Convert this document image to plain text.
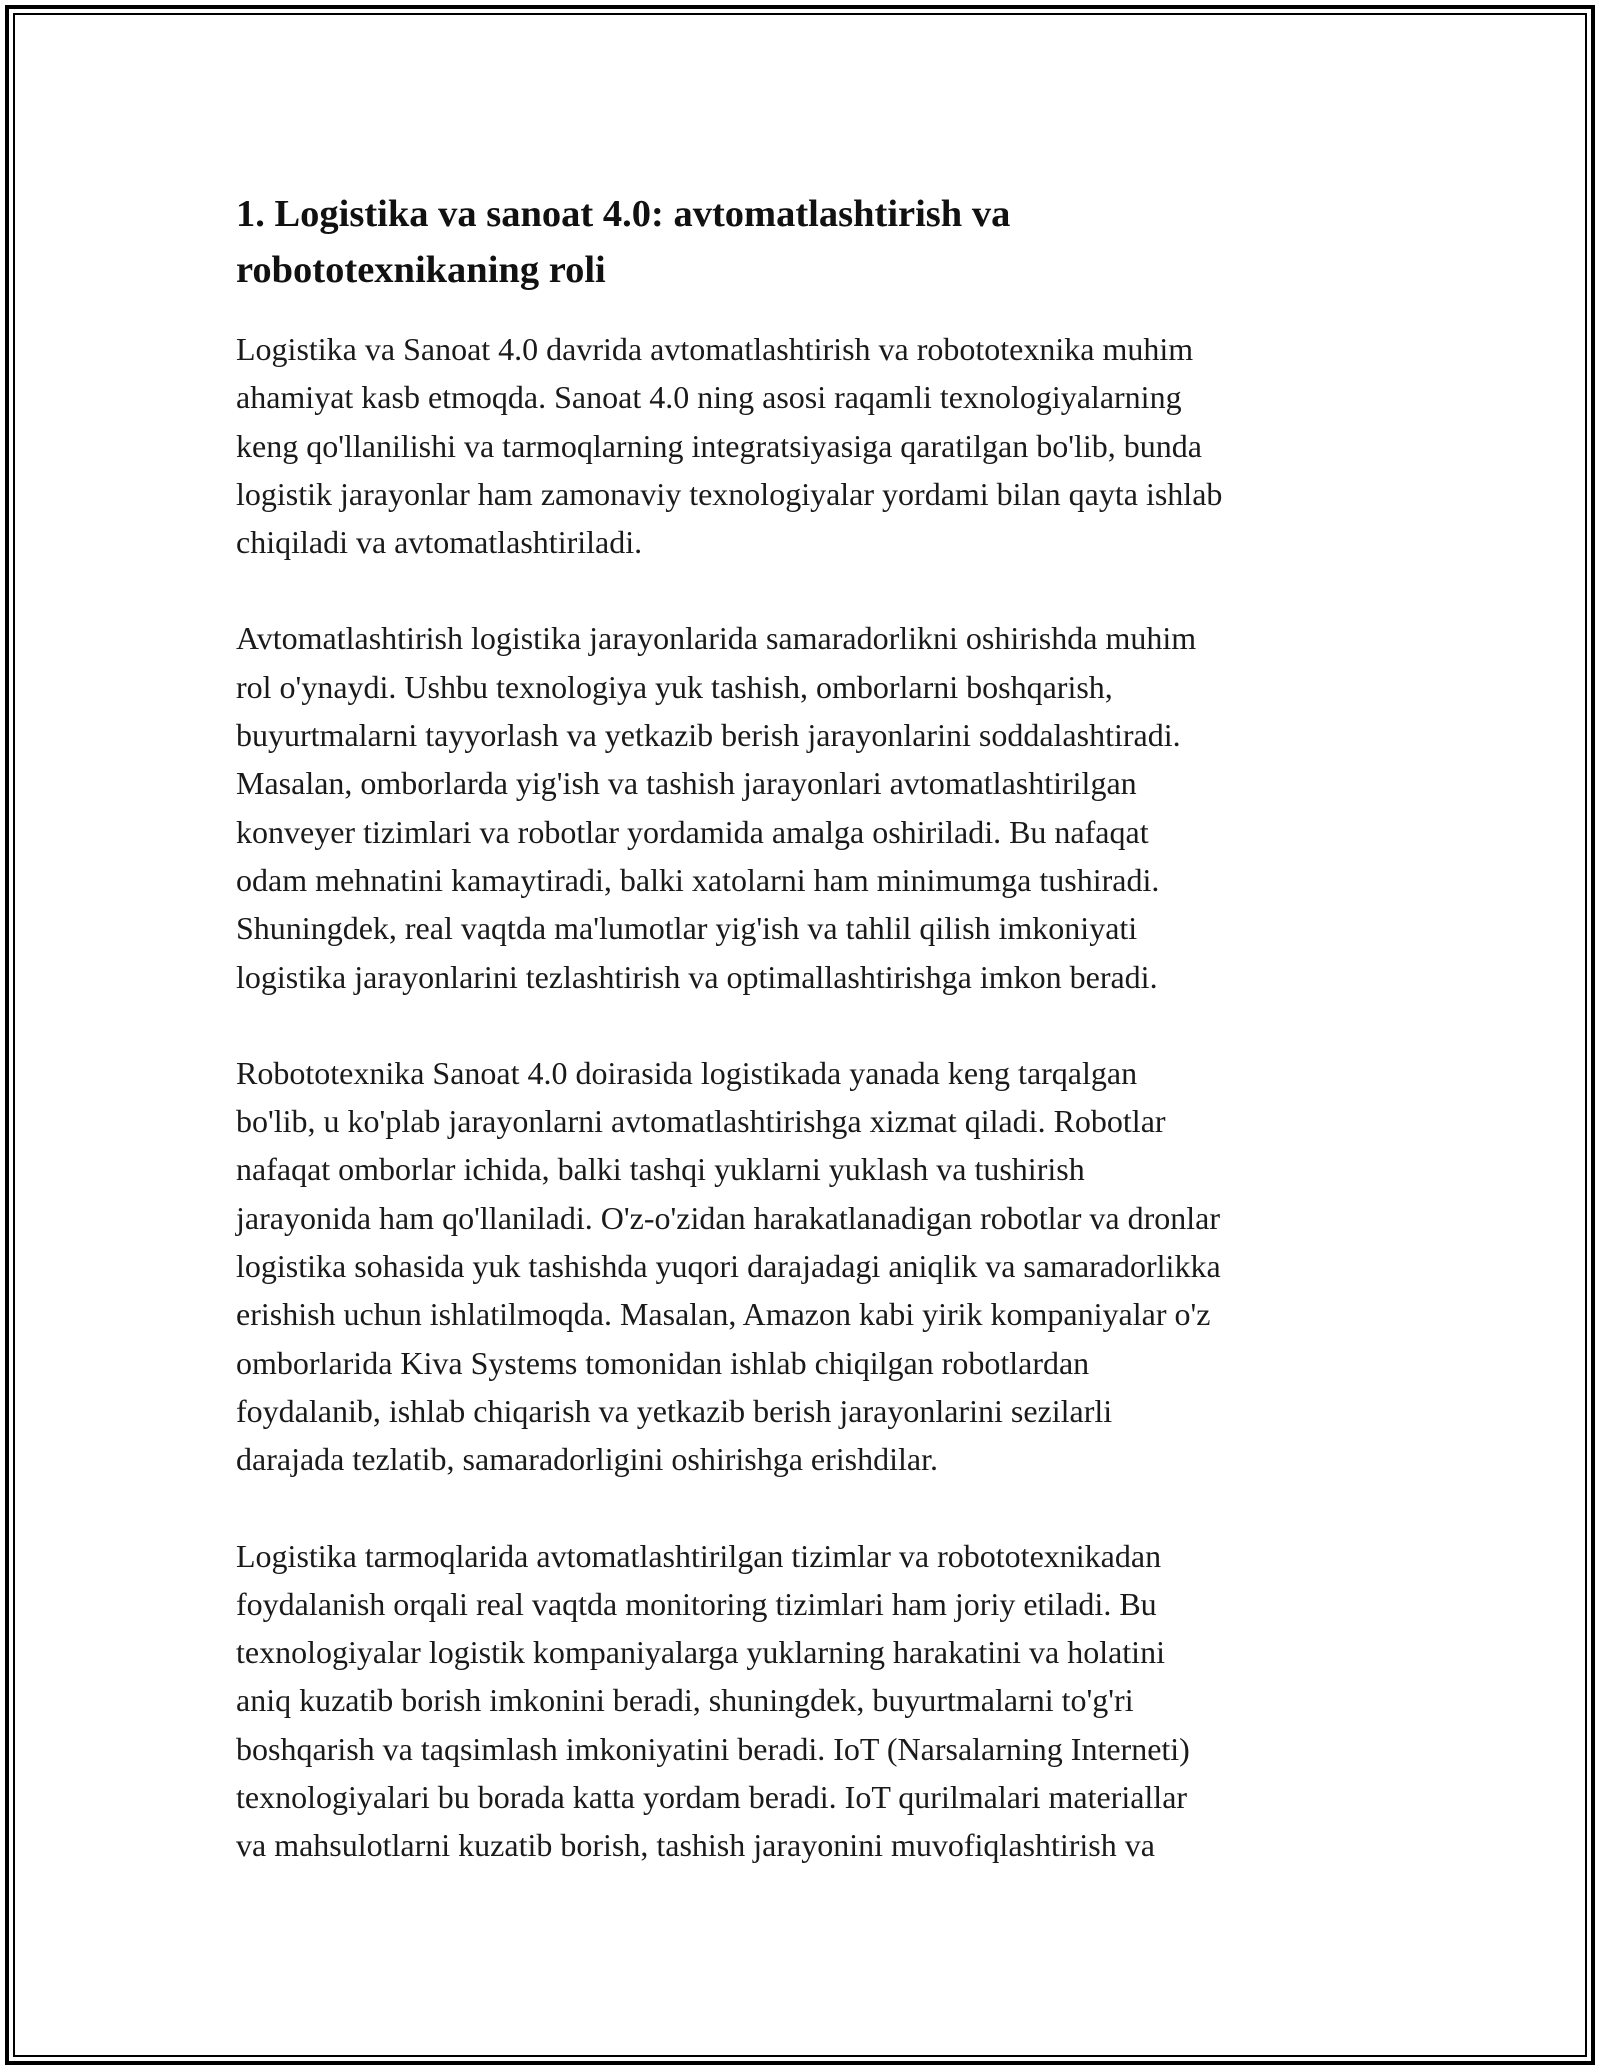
1. Logistika va sanoat 4.0: avtomatlashtirish va
robototexnikaning roli

Logistika va Sanoat 4.0 davrida avtomatlashtirish va robototexnika muhim
ahamiyat kasb etmoqda. Sanoat 4.0 ning asosi raqamli texnologiyalarning
keng qo'llanilishi va tarmoqlarning integratsiyasiga qaratilgan bo'lib, bunda
logistik jarayonlar ham zamonaviy texnologiyalar yordami bilan qayta ishlab
chiqiladi va avtomatlashtiriladi.

Avtomatlashtirish logistika jarayonlarida samaradorlikni oshirishda muhim
rol o'ynaydi. Ushbu texnologiya yuk tashish, omborlarni boshqarish,
buyurtmalarni tayyorlash va yetkazib berish jarayonlarini soddalashtiradi.
Masalan, omborlarda yig'ish va tashish jarayonlari avtomatlashtirilgan
konveyer tizimlari va robotlar yordamida amalga oshiriladi. Bu nafaqat
odam mehnatini kamaytiradi, balki xatolarni ham minimumga tushiradi.
Shuningdek, real vaqtda ma'lumotlar yig'ish va tahlil qilish imkoniyati
logistika jarayonlarini tezlashtirish va optimallashtirishga imkon beradi.

Robototexnika Sanoat 4.0 doirasida logistikada yanada keng tarqalgan
bo'lib, u ko'plab jarayonlarni avtomatlashtirishga xizmat qiladi. Robotlar
nafaqat omborlar ichida, balki tashqi yuklarni yuklash va tushirish
jarayonida ham qo'llaniladi. O'z-o'zidan harakatlanadigan robotlar va dronlar
logistika sohasida yuk tashishda yuqori darajadagi aniqlik va samaradorlikka
erishish uchun ishlatilmoqda. Masalan, Amazon kabi yirik kompaniyalar o'z
omborlarida Kiva Systems tomonidan ishlab chiqilgan robotlardan
foydalanib, ishlab chiqarish va yetkazib berish jarayonlarini sezilarli
darajada tezlatib, samaradorligini oshirishga erishdilar.

Logistika tarmoqlarida avtomatlashtirilgan tizimlar va robototexnikadan
foydalanish orqali real vaqtda monitoring tizimlari ham joriy etiladi. Bu
texnologiyalar logistik kompaniyalarga yuklarning harakatini va holatini
aniq kuzatib borish imkonini beradi, shuningdek, buyurtmalarni to'g'ri
boshqarish va taqsimlash imkoniyatini beradi. IoT (Narsalarning Interneti)
texnologiyalari bu borada katta yordam beradi. IoT qurilmalari materiallar
va mahsulotlarni kuzatib borish, tashish jarayonini muvofiqlashtirish va
